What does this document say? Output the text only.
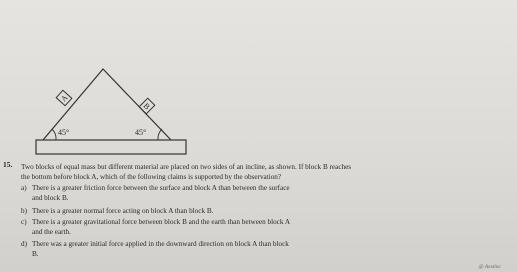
A
B
45°	45°
15. Two blocks of equal mass but different material are placed on two sides of an incline, as shown. If block B reaches

the bottom before block A, which of the following claims is supported by the observation?

a) There is a greater friction force between the surface and block A than between the surface
and block B.
b) There is a greater normal force acting on block A than block B.
c) There is a greater gravitational force between block B and the earth than between block A
and the earth.
d) There was a greater initial force applied in the downward direction on block A than block
B.
@ Aestinc
